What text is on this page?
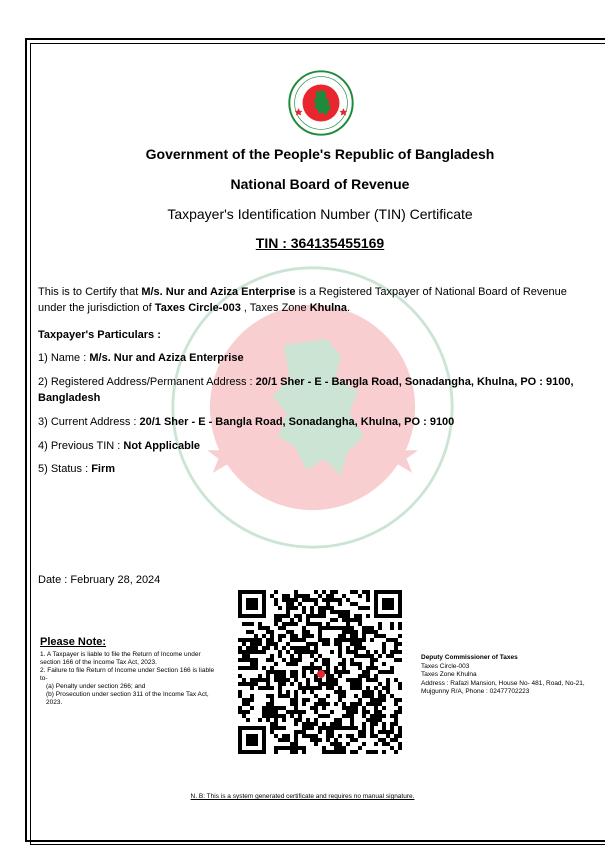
Government of the People's Republic of Bangladesh
National Board of Revenue
Taxpayer's Identification Number (TIN) Certificate
TIN : 364135455169
This is to Certify that M/s. Nur and Aziza Enterprise is a Registered Taxpayer of National Board of Revenue under the jurisdiction of Taxes Circle-003 , Taxes Zone Khulna.
Taxpayer's Particulars :
1) Name : M/s. Nur and Aziza Enterprise
2) Registered Address/Permanent Address : 20/1 Sher - E - Bangla Road, Sonadangha, Khulna, PO : 9100, Bangladesh
3) Current Address : 20/1 Sher - E - Bangla Road, Sonadangha, Khulna, PO : 9100
4) Previous TIN : Not Applicable
5) Status : Firm
Date : February 28, 2024
Please Note:
1. A Taxpayer is liable to file the Return of Income under section 166 of the Income Tax Act, 2023.
2. Failure to file Return of Income under Section 166 is liable to-
(a) Penalty under section 266; and
(b) Prosecution under section 311 of the Income Tax Act, 2023.
Deputy Commissioner of Taxes
Taxes Circle-003
Taxes Zone Khulna
Address : Rafazi Mansion, House No- 481, Road, No-21, Mujgunny R/A, Phone : 02477702223
N. B: This is a system generated certificate and requires no manual signature.
